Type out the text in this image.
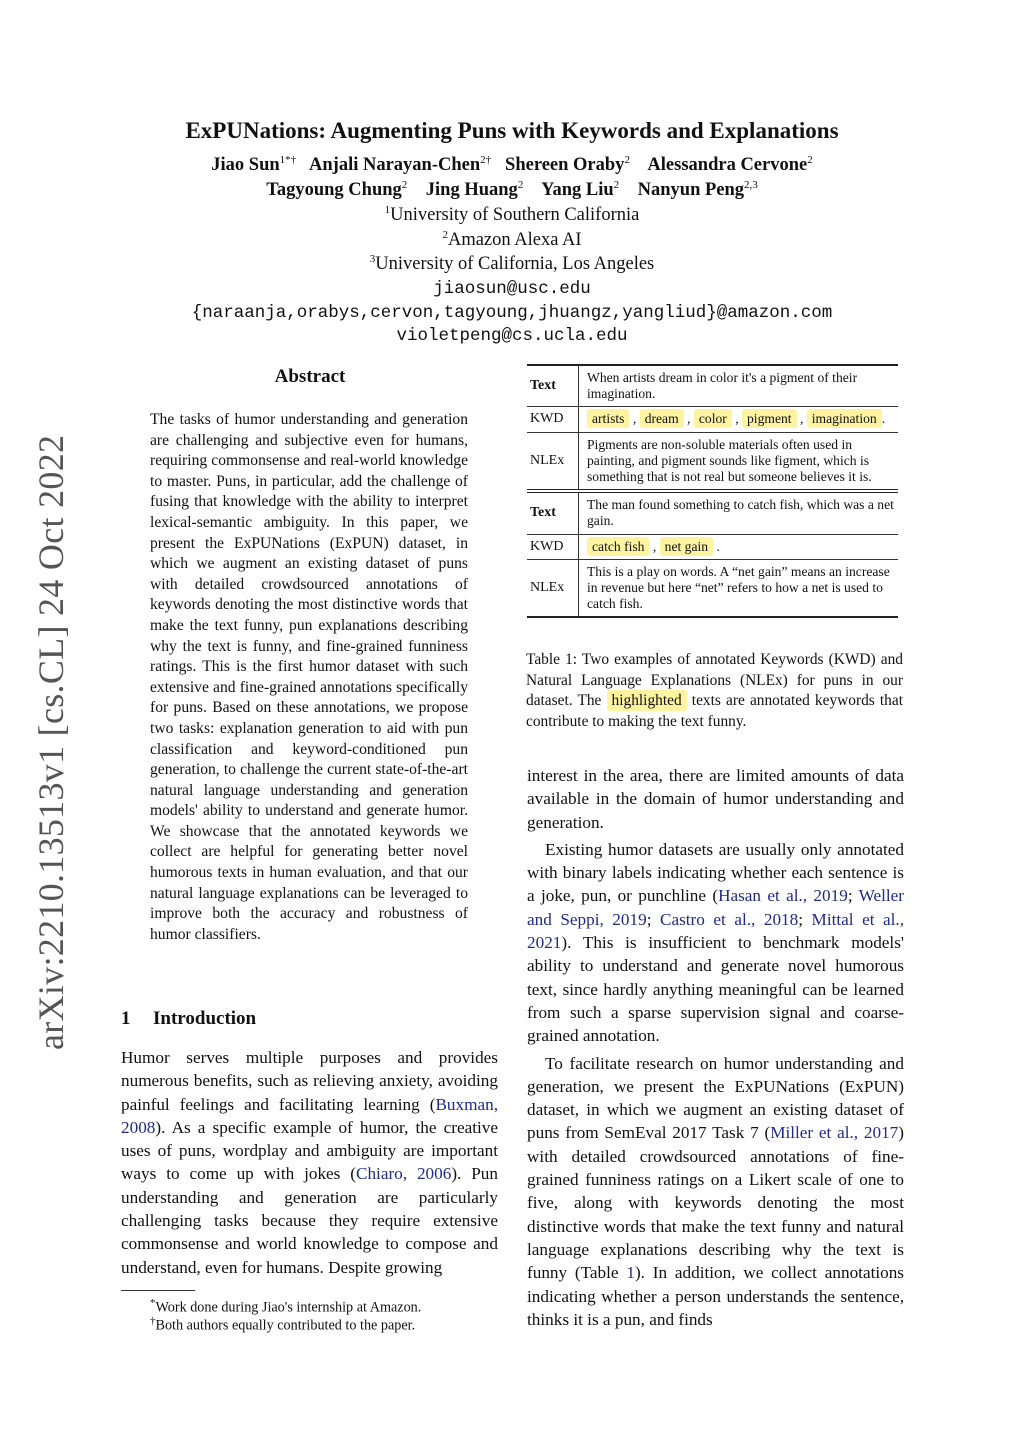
ExPUNations: Augmenting Puns with Keywords and Explanations
Jiao Sun$^{1*\dagger}$ Anjali Narayan-Chen$^{2\dagger}$ Shereen Oraby$^2$ Alessandra Cervone$^2$
Tagyoung Chung$^2$ Jing Huang$^2$ Yang Liu$^2$ Nanyun Peng$^{2,3}$
$^1$University of Southern California
$^2$Amazon Alexa AI
$^3$University of California, Los Angeles
jiaosun@usc.edu
{naraanja,orabys,cervon,tagyoung,jhuangz,yangliud}@amazon.com
violetpeng@cs.ucla.edu
arXiv:2210.13513v1 [cs.CL] 24 Oct 2022
Abstract
The tasks of humor understanding and generation are challenging and subjective even for humans, requiring commonsense and real-world knowledge to master. Puns, in particular, add the challenge of fusing that knowledge with the ability to interpret lexical-semantic ambiguity. In this paper, we present the ExPUNations (ExPUN) dataset, in which we augment an existing dataset of puns with detailed crowdsourced annotations of keywords denoting the most distinctive words that make the text funny, pun explanations describing why the text is funny, and fine-grained funniness ratings. This is the first humor dataset with such extensive and fine-grained annotations specifically for puns. Based on these annotations, we propose two tasks: explanation generation to aid with pun classification and keyword-conditioned pun generation, to challenge the current state-of-the-art natural language understanding and generation models' ability to understand and generate humor. We showcase that the annotated keywords we collect are helpful for generating better novel humorous texts in human evaluation, and that our natural language explanations can be leveraged to improve both the accuracy and robustness of humor classifiers.
1 Introduction

Humor serves multiple purposes and provides numerous benefits, such as relieving anxiety, avoiding painful feelings and facilitating learning (Buxman, 2008). As a specific example of humor, the creative uses of puns, wordplay and ambiguity are important ways to come up with jokes (Chiaro, 2006). Pun understanding and generation are particularly challenging tasks because they require extensive commonsense and world knowledge to compose and understand, even for humans. Despite growing

*Work done during Jiao's internship at Amazon.
†Both authors equally contributed to the paper.
Text	When artists dream in color it's a pigment of their imagination.
KWD	artists , dream , color , pigment , imagination .
NLEx	Pigments are non-soluble materials often used in painting, and pigment sounds like figment, which is something that is not real but someone believes it is.
Text	The man found something to catch fish, which was a net gain.
KWD	catch fish , net gain .
NLEx	This is a play on words. A “net gain” means an increase in revenue but here “net” refers to how a net is used to catch fish.
Table 1: Two examples of annotated Keywords (KWD) and Natural Language Explanations (NLEx) for puns in our dataset. The highlighted texts are annotated keywords that contribute to making the text funny.

interest in the area, there are limited amounts of data available in the domain of humor understanding and generation.

Existing humor datasets are usually only annotated with binary labels indicating whether each sentence is a joke, pun, or punchline (Hasan et al., 2019; Weller and Seppi, 2019; Castro et al., 2018; Mittal et al., 2021). This is insufficient to benchmark models' ability to understand and generate novel humorous text, since hardly anything meaningful can be learned from such a sparse supervision signal and coarse-grained annotation.

To facilitate research on humor understanding and generation, we present the ExPUNations (ExPUN) dataset, in which we augment an existing dataset of puns from SemEval 2017 Task 7 (Miller et al., 2017) with detailed crowdsourced annotations of fine-grained funniness ratings on a Likert scale of one to five, along with keywords denoting the most distinctive words that make the text funny and natural language explanations describing why the text is funny (Table 1). In addition, we collect annotations indicating whether a person understands the sentence, thinks it is a pun, and finds
